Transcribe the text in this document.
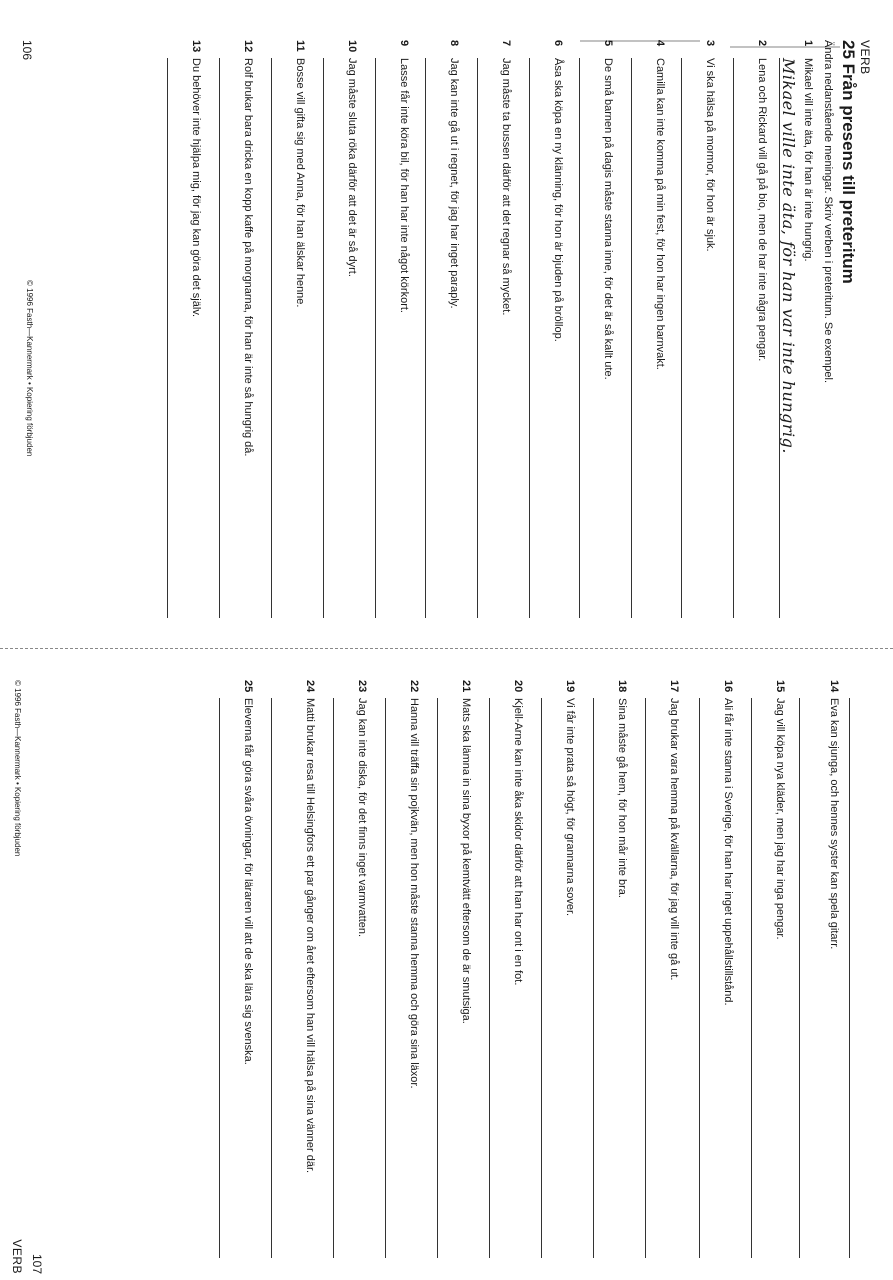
VERB
25 Från presens till preteritum
Ändra nedanstående meningar. Skriv verben i preteritum. Se exempel.
1
Mikael vill inte äta, för han är inte hungrig.
Mikael ville inte äta, för han var inte hungrig.
2
Lena och Rickard vill gå på bio, men de har inte några pengar.
3
Vi ska hälsa på mormor, för hon är sjuk.
4
Camilla kan inte komma på min fest, för hon har ingen barnvakt.
5
De små barnen på dagis måste stanna inne, för det är så kallt ute.
6
Åsa ska köpa en ny klänning, för hon är bjuden på bröllop.
7
Jag måste ta bussen därför att det regnar så mycket.
8
Jag kan inte gå ut i regnet, för jag har inget paraply.
9
Lasse får inte köra bil, för han har inte något körkort.
10
Jag måste sluta röka därför att det är så dyrt.
11
Bosse vill gifta sig med Anna, för han älskar henne.
12
Rolf brukar bara dricka en kopp kaffe på morgnarna, för han är inte så hungrig då.
13
Du behöver inte hjälpa mig, för jag kan göra det själv.
© 1996 Fasth—Kannermark • Kopiering förbjuden
106
14
Eva kan sjunga, och hennes syster kan spela gitarr.
15
Jag vill köpa nya kläder, men jag har inga pengar.
16
Ali får inte stanna i Sverige, för han har inget uppehållstillstånd.
17
Jag brukar vara hemma på kvällarna, för jag vill inte gå ut.
18
Sina måste gå hem, för hon mår inte bra.
19
Vi får inte prata så högt, för grannarna sover.
20
Kjell-Arne kan inte åka skidor därför att han har ont i en fot.
21
Mats ska lämna in sina byxor på kemtvätt eftersom de är smutsiga.
22
Hanna vill träffa sin pojkvän, men hon måste stanna hemma och göra sina läxor.
23
Jag kan inte diska, för det finns inget varmvatten.
24
Matti brukar resa till Helsingfors ett par gånger om året eftersom han vill hälsa på sina vänner där.
25
Eleverna får göra svåra övningar, för läraren vill att de ska lära sig svenska.
VERB 107
© 1996 Fasth—Kannermark • Kopiering förbjuden
